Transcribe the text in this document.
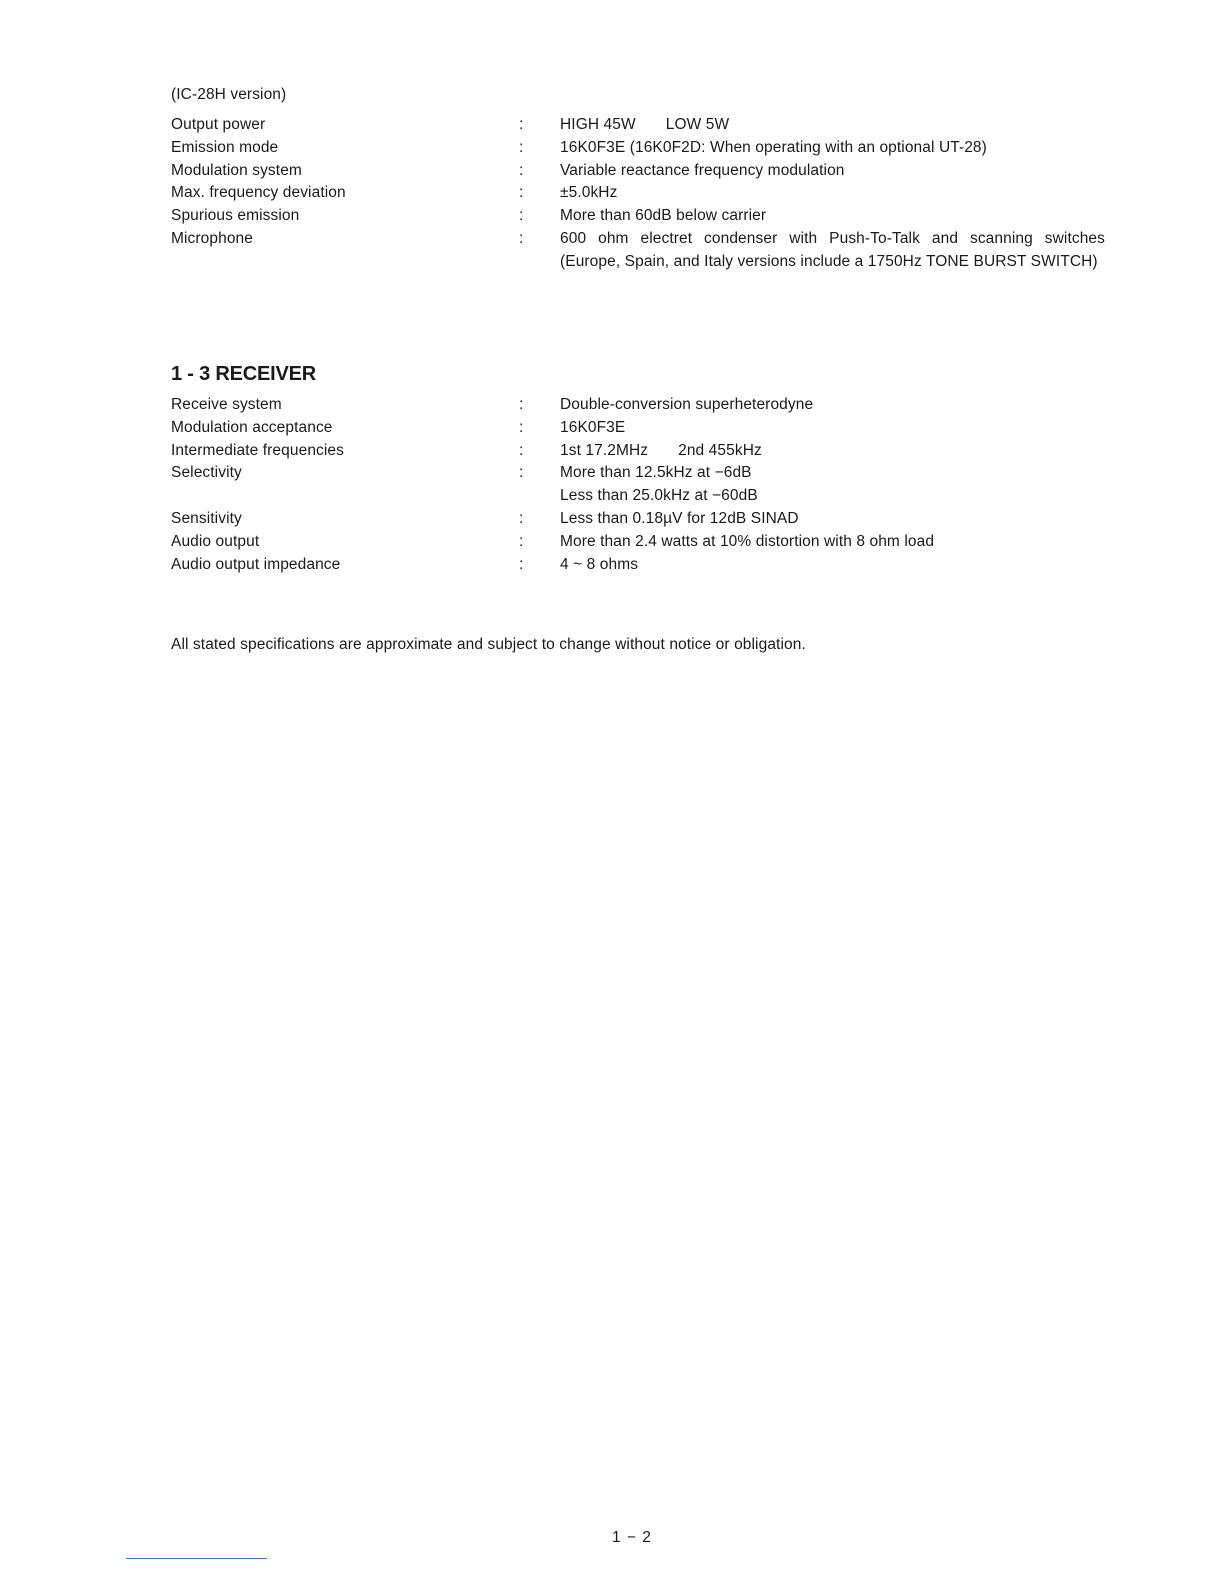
(IC-28H version)
Output power	:	HIGH 45W LOW 5W
Emission mode	:	16K0F3E (16K0F2D: When operating with an optional UT-28)
Modulation system	:	Variable reactance frequency modulation
Max. frequency deviation	:	±5.0kHz
Spurious emission	:	More than 60dB below carrier
Microphone	:	600 ohm electret condenser with Push-To-Talk and scanning switches (Europe, Spain, and Italy versions include a 1750Hz TONE BURST SWITCH)
1 - 3 RECEIVER
Receive system	:	Double-conversion superheterodyne
Modulation acceptance	:	16K0F3E
Intermediate frequencies	:	1st 17.2MHz 2nd 455kHz
Selectivity	:	More than 12.5kHz at −6dB
Less than 25.0kHz at −60dB
Sensitivity	:	Less than 0.18µV for 12dB SINAD
Audio output	:	More than 2.4 watts at 10% distortion with 8 ohm load
Audio output impedance	:	4 ~ 8 ohms
All stated specifications are approximate and subject to change without notice or obligation.
1 − 2
